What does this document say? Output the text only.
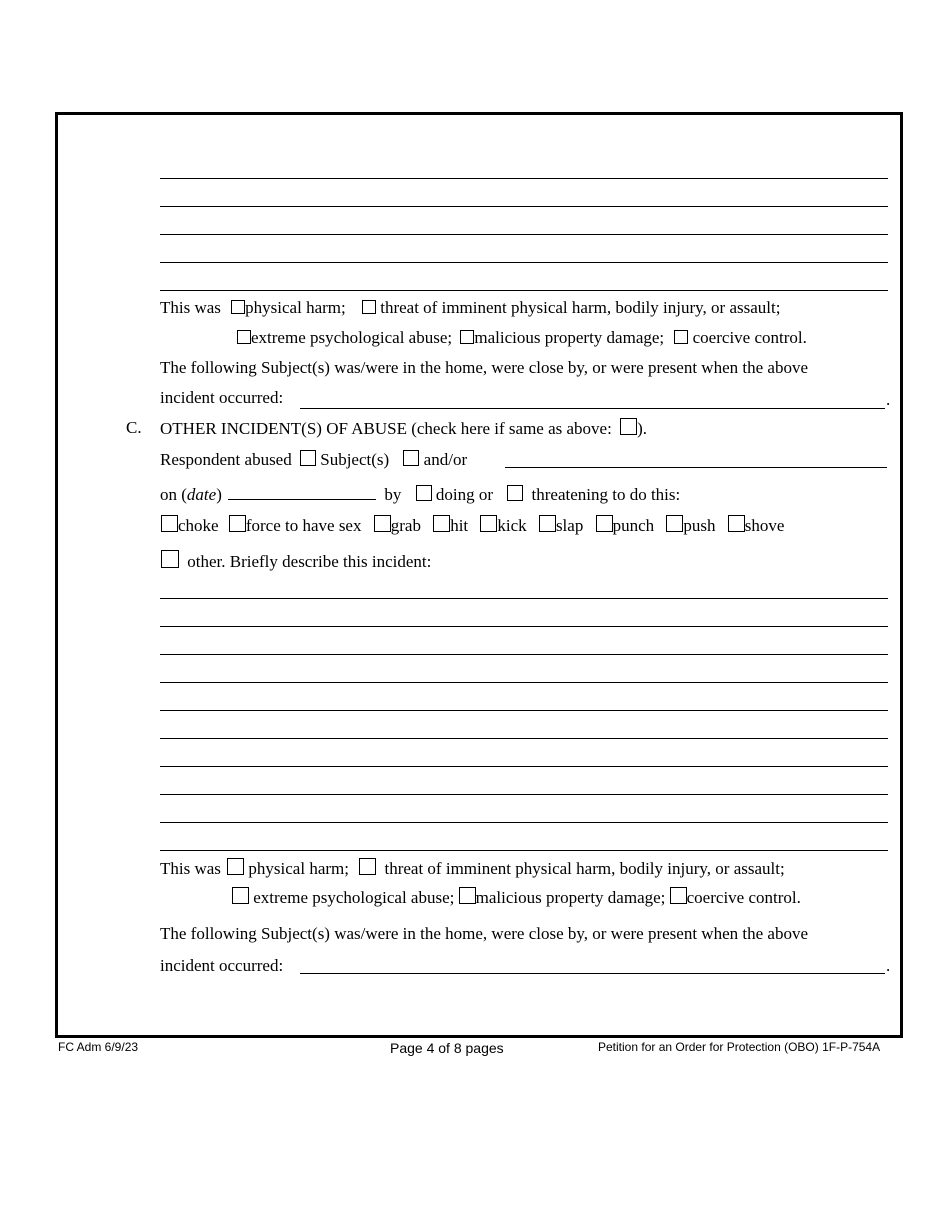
This was physical harm; threat of imminent physical harm, bodily injury, or assault;
extreme psychological abuse; malicious property damage; coercive control.
The following Subject(s) was/were in the home, were close by, or were present when the above
incident occurred:	.
C. OTHER INCIDENT(S) OF ABUSE (check here if same as above: ).
Respondent abused Subject(s) and/or
on (date)	by doing or threatening to do this:
choke force to have sex grab hit kick slap punch push shove
other. Briefly describe this incident:
This was physical harm; threat of imminent physical harm, bodily injury, or assault;
extreme psychological abuse; malicious property damage; coercive control.
The following Subject(s) was/were in the home, were close by, or were present when the above
incident occurred:	.
FC Adm 6/9/23	Page 4 of 8 pages	Petition for an Order for Protection (OBO) 1F-P-754A
